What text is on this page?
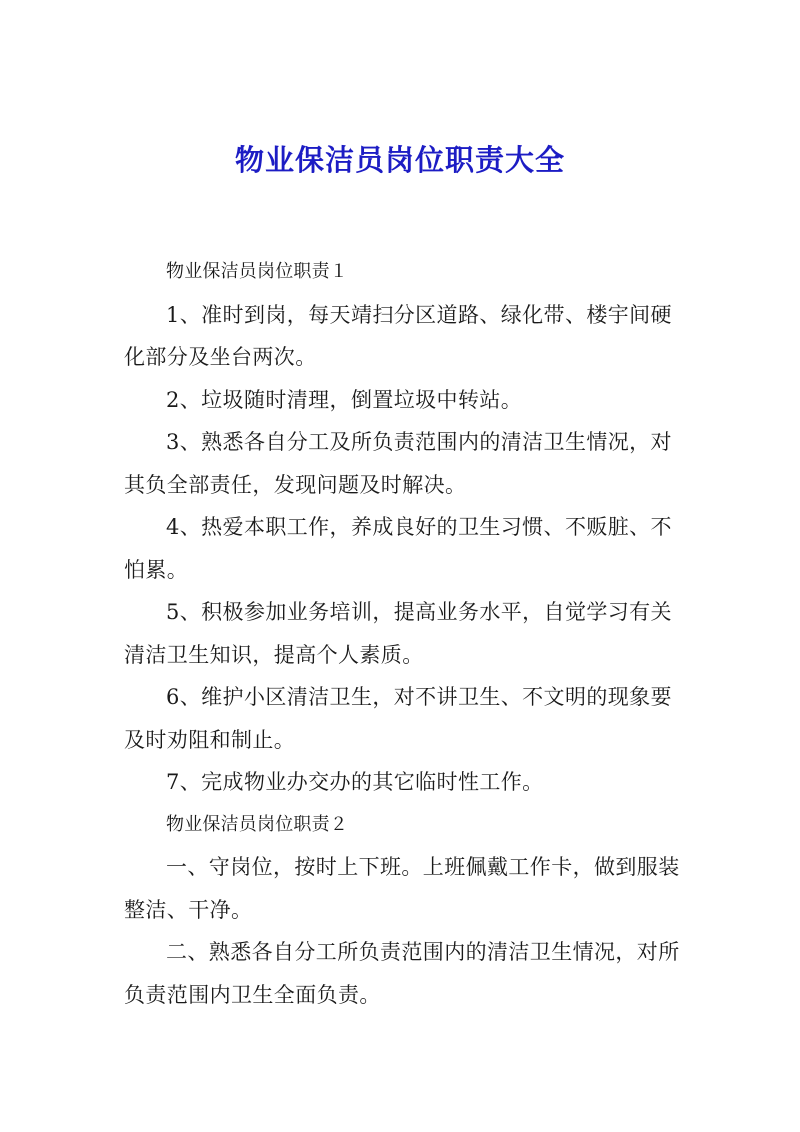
物业保洁员岗位职责大全

物业保洁员岗位职责１

1、准时到岗，每天靖扫分区道路、绿化带、楼宇间硬化部分及坐台两次。

2、垃圾随时清理，倒置垃圾中转站。

3、熟悉各自分工及所负责范围内的清洁卫生情况，对其负全部责任，发现问题及时解决。

4、热爱本职工作，养成良好的卫生习惯、不贩脏、不怕累。

5、积极参加业务培训，提高业务水平，自觉学习有关清洁卫生知识，提高个人素质。

6、维护小区清洁卫生，对不讲卫生、不文明的现象要及时劝阻和制止。

7、完成物业办交办的其它临时性工作。

物业保洁员岗位职责２

一、守岗位，按时上下班。上班佩戴工作卡，做到服装整洁、干净。

二、熟悉各自分工所负责范围内的清洁卫生情况，对所负责范围内卫生全面负责。
